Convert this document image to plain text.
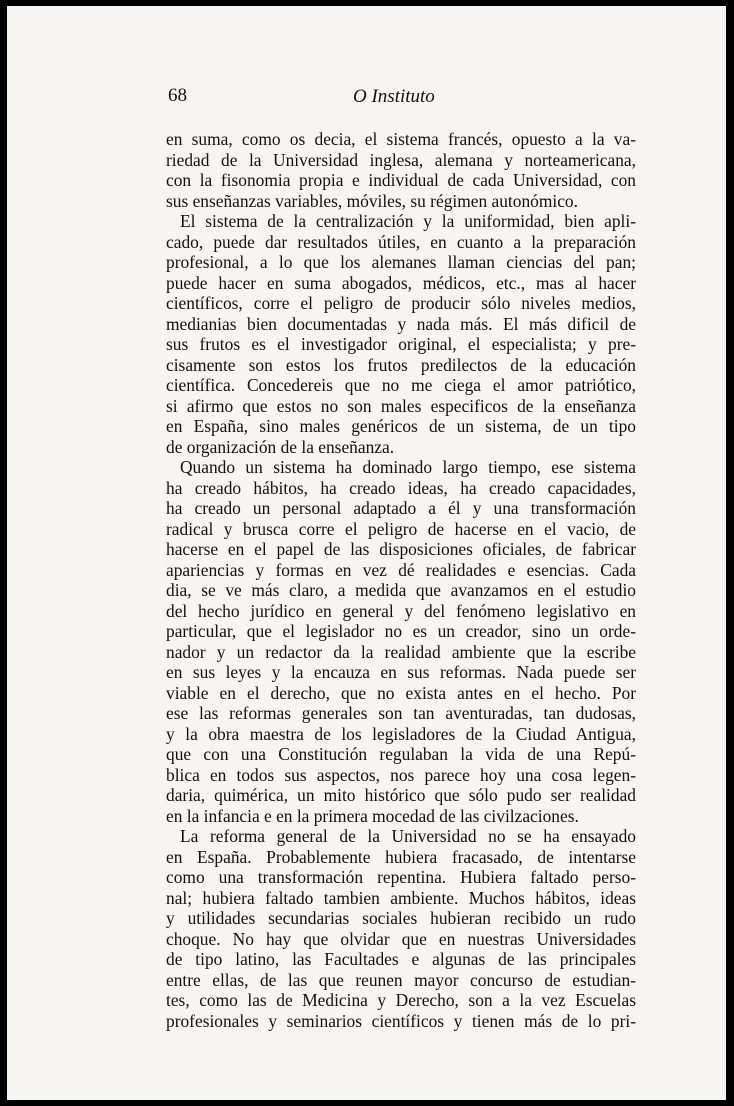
68	O Instituto
en suma, como os decia, el sistema francés, opuesto a la va-
riedad de la Universidad inglesa, alemana y norteamericana,
con la fisonomia propia e individual de cada Universidad, con
sus enseñanzas variables, móviles, su régimen autonómico.
El sistema de la centralización y la uniformidad, bien apli-
cado, puede dar resultados útiles, en cuanto a la preparación
profesional, a lo que los alemanes llaman ciencias del pan;
puede hacer en suma abogados, médicos, etc., mas al hacer
científicos, corre el peligro de producir sólo niveles medios,
medianias bien documentadas y nada más. El más dificil de
sus frutos es el investigador original, el especialista; y pre-
cisamente son estos los frutos predilectos de la educación
científica. Concedereis que no me ciega el amor patriótico,
si afirmo que estos no son males especificos de la enseñanza
en España, sino males genéricos de un sistema, de un tipo
de organización de la enseñanza.
Quando un sistema ha dominado largo tiempo, ese sistema
ha creado hábitos, ha creado ideas, ha creado capacidades,
ha creado un personal adaptado a él y una transformación
radical y brusca corre el peligro de hacerse en el vacio, de
hacerse en el papel de las disposiciones oficiales, de fabricar
apariencias y formas en vez dé realidades e esencias. Cada
dia, se ve más claro, a medida que avanzamos en el estudio
del hecho jurídico en general y del fenómeno legislativo en
particular, que el legislador no es un creador, sino un orde-
nador y un redactor da la realidad ambiente que la escribe
en sus leyes y la encauza en sus reformas. Nada puede ser
viable en el derecho, que no exista antes en el hecho. Por
ese las reformas generales son tan aventuradas, tan dudosas,
y la obra maestra de los legisladores de la Ciudad Antigua,
que con una Constitución regulaban la vida de una Repú-
blica en todos sus aspectos, nos parece hoy una cosa legen-
daria, quimérica, un mito histórico que sólo pudo ser realidad
en la infancia e en la primera mocedad de las civilzaciones.
La reforma general de la Universidad no se ha ensayado
en España. Probablemente hubiera fracasado, de intentarse
como una transformación repentina. Hubiera faltado perso-
nal; hubiera faltado tambien ambiente. Muchos hábitos, ideas
y utilidades secundarias sociales hubieran recibido un rudo
choque. No hay que olvidar que en nuestras Universidades
de tipo latino, las Facultades e algunas de las principales
entre ellas, de las que reunen mayor concurso de estudian-
tes, como las de Medicina y Derecho, son a la vez Escuelas
profesionales y seminarios científicos y tienen más de lo pri-
